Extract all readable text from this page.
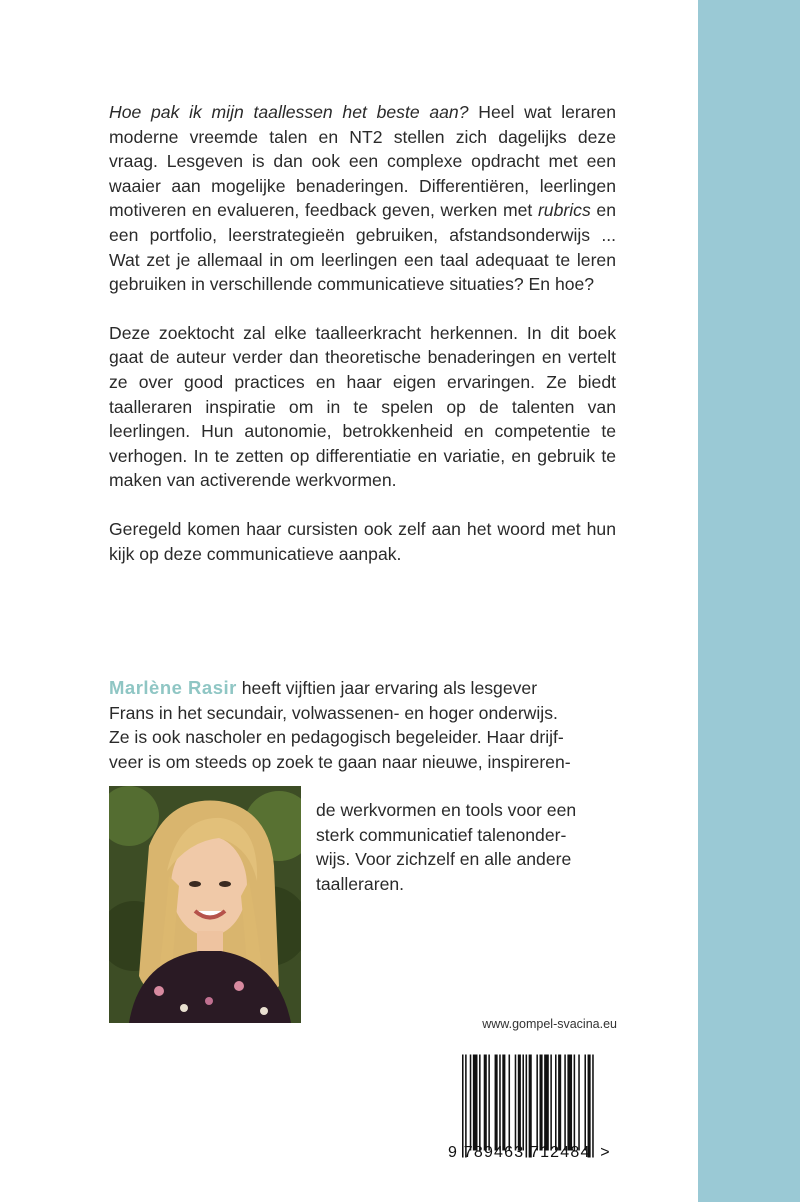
Hoe pak ik mijn taallessen het beste aan? Heel wat leraren moderne vreemde talen en NT2 stellen zich dagelijks deze vraag. Lesgeven is dan ook een complexe opdracht met een waaier aan mogelijke benaderingen. Differentiëren, leerlingen motiveren en evalueren, feedback geven, werken met rubrics en een portfolio, leerstrategieën gebruiken, afstandsonderwijs ... Wat zet je allemaal in om leerlingen een taal adequaat te leren gebruiken in verschillende communicatieve situaties? En hoe?

Deze zoektocht zal elke taalleerkracht herkennen. In dit boek gaat de auteur verder dan theoretische benaderingen en vertelt ze over good practices en haar eigen ervaringen. Ze biedt taalleraren inspiratie om in te spelen op de talenten van leerlingen. Hun autonomie, betrokkenheid en competentie te verhogen. In te zetten op differentiatie en variatie, en gebruik te maken van activerende werkvormen.

Geregeld komen haar cursisten ook zelf aan het woord met hun kijk op deze communicatieve aanpak.

Marlène Rasir heeft vijftien jaar ervaring als lesgever
Frans in het secundair, volwassenen- en hoger onderwijs.
Ze is ook nascholer en pedagogisch begeleider. Haar drijf-
veer is om steeds op zoek te gaan naar nieuwe, inspireren-
de werkvormen en tools voor een
sterk communicatief talenonder-
wijs. Voor zichzelf en alle andere
taalleraren.
www.gompel-svacina.eu
9 789463 712484 >
